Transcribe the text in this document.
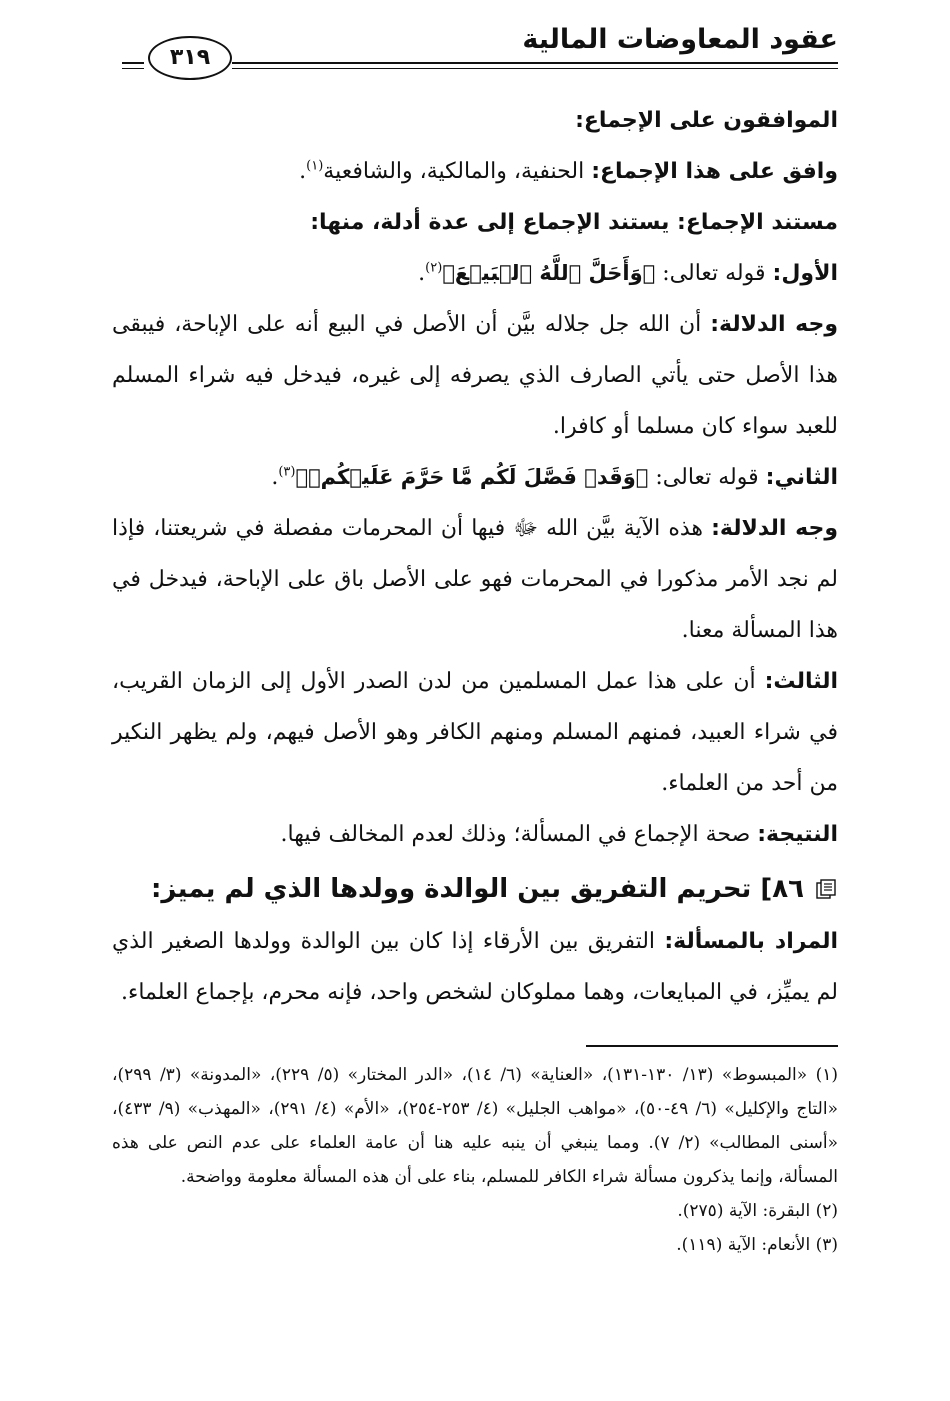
عقود المعاوضات المالية
٣١٩

الموافقون على الإجماع:

وافق على هذا الإجماع: الحنفية، والمالكية، والشافعية$^{(١)}$.

مستند الإجماع: يستند الإجماع إلى عدة أدلة، منها:

الأول: قوله تعالى: ﴿وَأَحَلَّ ٱللَّهُ ٱلۡبَيۡعَ﴾$^{(٢)}$.

وجه الدلالة: أن الله جل جلاله بيَّن أن الأصل في البيع أنه على الإباحة، فيبقى هذا الأصل حتى يأتي الصارف الذي يصرفه إلى غيره، فيدخل فيه شراء المسلم للعبد سواء كان مسلما أو كافرا.

الثاني: قوله تعالى: ﴿وَقَدۡ فَصَّلَ لَكُم مَّا حَرَّمَ عَلَيۡكُمۡ﴾$^{(٣)}$.

وجه الدلالة: هذه الآية بيَّن الله ﷻ فيها أن المحرمات مفصلة في شريعتنا، فإذا لم نجد الأمر مذكورا في المحرمات فهو على الأصل باق على الإباحة، فيدخل في هذا المسألة معنا.

الثالث: أن على هذا عمل المسلمين من لدن الصدر الأول إلى الزمان القريب، في شراء العبيد، فمنهم المسلم ومنهم الكافر وهو الأصل فيهم، ولم يظهر النكير من أحد من العلماء.

النتيجة: صحة الإجماع في المسألة؛ وذلك لعدم المخالف فيها.

٨٦] تحريم التفريق بين الوالدة وولدها الذي لم يميز:

المراد بالمسألة: التفريق بين الأرقاء إذا كان بين الوالدة وولدها الصغير الذي لم يميِّز، في المبايعات، وهما مملوكان لشخص واحد، فإنه محرم، بإجماع العلماء.

(١) «المبسوط» (١٣/ ١٣٠-١٣١)، «العناية» (٦/ ١٤)، «الدر المختار» (٥/ ٢٢٩)، «المدونة» (٣/ ٢٩٩)، «التاج والإكليل» (٦/ ٤٩-٥٠)، «مواهب الجليل» (٤/ ٢٥٣-٢٥٤)، «الأم» (٤/ ٢٩١)، «المهذب» (٩/ ٤٣٣)، «أسنى المطالب» (٢/ ٧). ومما ينبغي أن ينبه عليه هنا أن عامة العلماء على عدم النص على هذه المسألة، وإنما يذكرون مسألة شراء الكافر للمسلم، بناء على أن هذه المسألة معلومة وواضحة.

(٢) البقرة: الآية (٢٧٥).

(٣) الأنعام: الآية (١١٩).
